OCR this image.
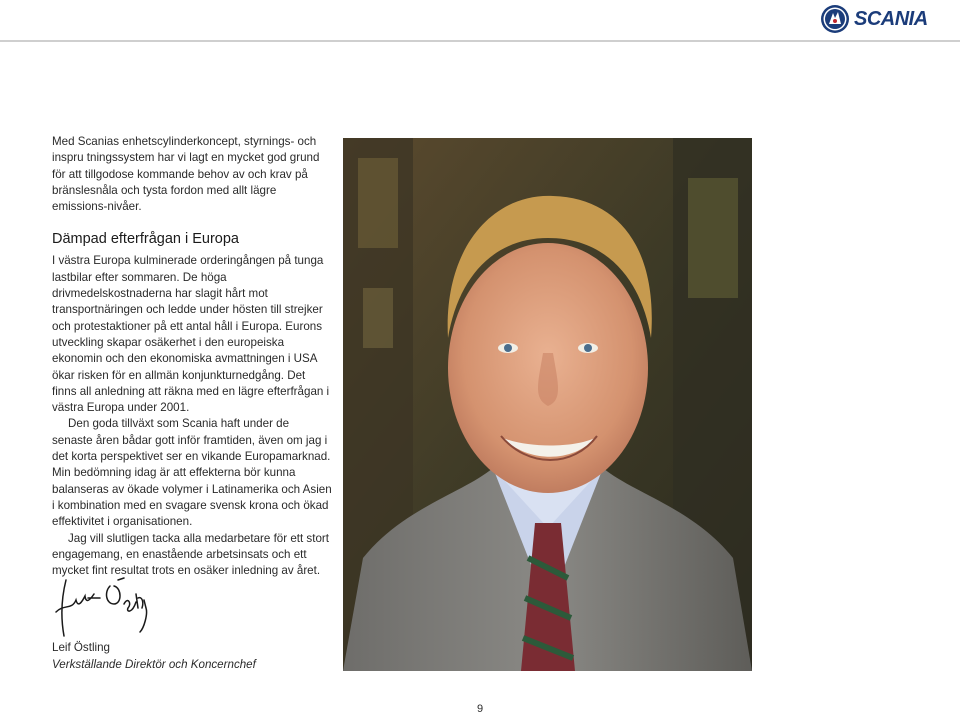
SCANIA

Med Scanias enhetscylinderkoncept, styrnings- och inspru tningssystem har vi lagt en mycket god grund för att tillgodose kommande behov av och krav på bränslesnåla och tysta fordon med allt lägre emissions-nivåer.

Dämpad efterfrågan i Europa

I västra Europa kulminerade orderingången på tunga lastbilar efter sommaren. De höga drivmedelskostnaderna har slagit hårt mot transportnäringen och ledde under hösten till strejker och protestaktioner på ett antal håll i Europa. Eurons utveckling skapar osäkerhet i den europeiska ekonomin och den ekonomiska avmattningen i USA ökar risken för en allmän konjunkturnedgång. Det finns all anledning att räkna med en lägre efterfrågan i västra Europa under 2001.

Den goda tillväxt som Scania haft under de senaste åren bådar gott inför framtiden, även om jag i det korta perspektivet ser en vikande Europamarknad. Min bedömning idag är att effekterna bör kunna balanseras av ökade volymer i Latinamerika och Asien i kombination med en svagare svensk krona och ökad effektivitet i organisationen.

Jag vill slutligen tacka alla medarbetare för ett stort engagemang, en enastående arbetsinsats och ett mycket fint resultat trots en osäker inledning av året.

Leif Östling
Verkställande Direktör och Koncernchef
9
